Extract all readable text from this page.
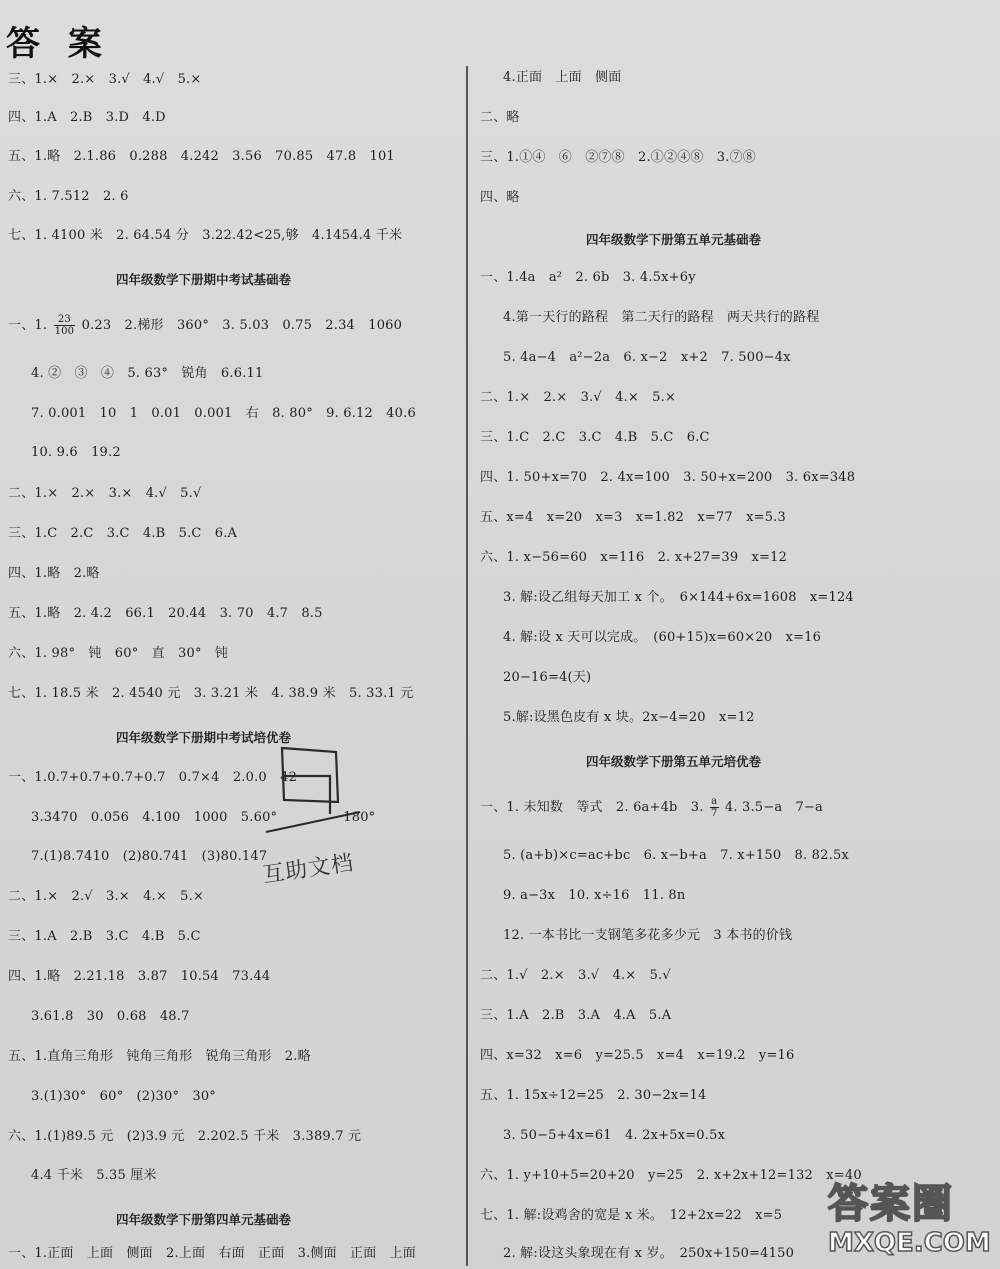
答 案
三、1.×　2.×　3.√　4.√　5.×
四、1.A　2.B　3.D　4.D
五、1.略　2.1.86　0.288　4.242　3.56　70.85　47.8　101
六、1. 7.512　2. 6
七、1. 4100 米　2. 64.54 分　3.22.42<25,够　4.1454.4 千米
四年级数学下册期中考试基础卷
一、1. $\frac{23}{100} 0.23$　2.梯形　360°　3. 5.03　0.75　2.34　1060
4. ②　③　④　5. 63°　锐角　6.6.11
7. 0.001　10　1　0.01　0.001　右　8. 80°　9. 6.12　40.6
10. 9.6　19.2
二、1.×　2.×　3.×　4.√　5.√
三、1.C　2.C　3.C　4.B　5.C　6.A
四、1.略　2.略
五、1.略　2. 4.2　66.1　20.44　3. 70　4.7　8.5
六、1. 98°　钝　60°　直　30°　钝
七、1. 18.5 米　2. 4540 元　3. 3.21 米　4. 38.9 米　5. 33.1 元
四年级数学下册期中考试培优卷
一、1.0.7+0.7+0.7+0.7　0.7×4　2.0.0　42
3.3470　0.056　4.100　1000　5.60°　　　　　180°
7.(1)8.7410　(2)80.741　(3)80.147
二、1.×　2.√　3.×　4.×　5.×
三、1.A　2.B　3.C　4.B　5.C
四、1.略　2.21.18　3.87　10.54　73.44
3.61.8　30　0.68　48.7
五、1.直角三角形　钝角三角形　锐角三角形　2.略
3.(1)30°　60°　(2)30°　30°
六、1.(1)89.5 元　(2)3.9 元　2.202.5 千米　3.389.7 元
4.4 千米　5.35 厘米
四年级数学下册第四单元基础卷
一、1.正面　上面　侧面　2.上面　右面　正面　3.侧面　正面　上面
互助文档
4.正面　上面　侧面
二、略
三、1.①④　⑥　②⑦⑧　2.①②④⑧　3.⑦⑧
四、略
四年级数学下册第五单元基础卷
一、1.4a　a²　2. 6b　3. 4.5x+6y
4.第一天行的路程　第二天行的路程　两天共行的路程
5. 4a−4　a²−2a　6. x−2　x+2　7. 500−4x
二、1.×　2.×　3.√　4.×　5.×
三、1.C　2.C　3.C　4.B　5.C　6.C
四、1. 50+x=70　2. 4x=100　3. 50+x=200　3. 6x=348
五、x=4　x=20　x=3　x=1.82　x=77　x=5.3
六、1. x−56=60　x=116　2. x+27=39　x=12
3. 解:设乙组每天加工 x 个。　6×144+6x=1608　x=124
4. 解:设 x 天可以完成。　(60+15)x=60×20　x=16
20−16=4(天)
5.解:设黑色皮有 x 块。2x−4=20　x=12
四年级数学下册第五单元培优卷
一、1. 未知数　等式　2. 6a+4b　3. $\frac{a}{7} 4$. 3.5−a　7−a
5. (a+b)×c=ac+bc　6. x−b+a　7. x+150　8. 82.5x
9. a−3x　10. x÷16　11. 8n
12. 一本书比一支钢笔多花多少元　3 本书的价钱
二、1.√　2.×　3.√　4.×　5.√
三、1.A　2.B　3.A　4.A　5.A
四、x=32　x=6　y=25.5　x=4　x=19.2　y=16
五、1. 15x÷12=25　2. 30−2x=14
3. 50−5+4x=61　4. 2x+5x=0.5x
六、1. y+10+5=20+20　y=25　2. x+2x+12=132　x=40
七、1. 解:设鸡舍的宽是 x 米。　12+2x=22　x=5
2. 解:设这头象现在有 x 岁。　250x+150=4150
答案圈
MXQE.COM
